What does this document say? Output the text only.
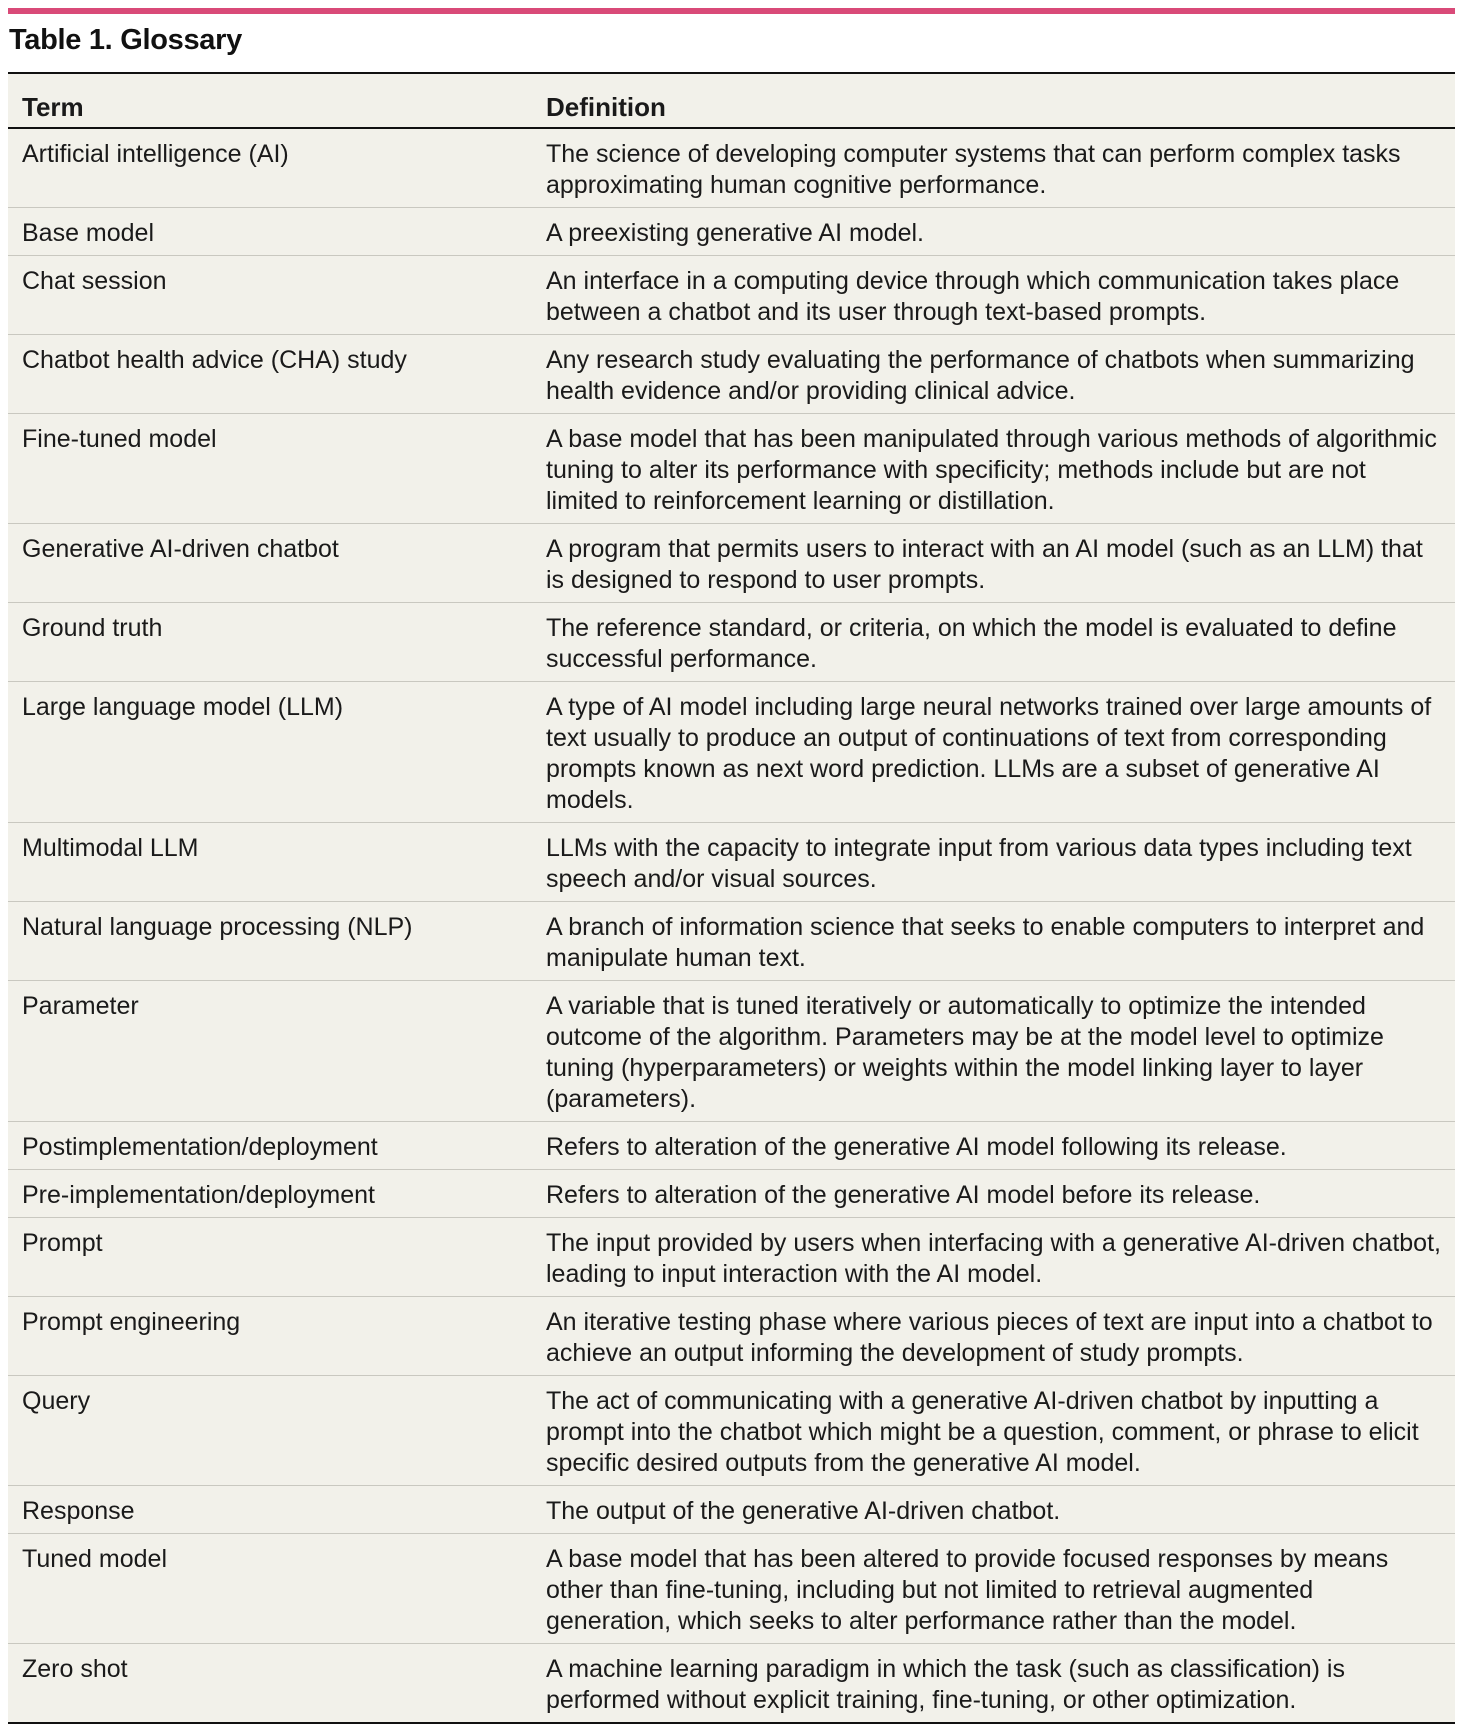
Table 1. Glossary
Term	Definition
Artificial intelligence (AI)	The science of developing computer systems that can perform complex tasks approximating human cognitive performance.
Base model	A preexisting generative AI model.
Chat session	An interface in a computing device through which communication takes place between a chatbot and its user through text-based prompts.
Chatbot health advice (CHA) study	Any research study evaluating the performance of chatbots when summarizing health evidence and/or providing clinical advice.
Fine-tuned model	A base model that has been manipulated through various methods of algorithmic tuning to alter its performance with specificity; methods include but are not limited to reinforcement learning or distillation.
Generative AI-driven chatbot	A program that permits users to interact with an AI model (such as an LLM) that is designed to respond to user prompts.
Ground truth	The reference standard, or criteria, on which the model is evaluated to define successful performance.
Large language model (LLM)	A type of AI model including large neural networks trained over large amounts of text usually to produce an output of continuations of text from corresponding prompts known as next word prediction. LLMs are a subset of generative AI models.
Multimodal LLM	LLMs with the capacity to integrate input from various data types including text speech and/or visual sources.
Natural language processing (NLP)	A branch of information science that seeks to enable computers to interpret and manipulate human text.
Parameter	A variable that is tuned iteratively or automatically to optimize the intended outcome of the algorithm. Parameters may be at the model level to optimize tuning (hyperparameters) or weights within the model linking layer to layer (parameters).
Postimplementation/deployment	Refers to alteration of the generative AI model following its release.
Pre-implementation/deployment	Refers to alteration of the generative AI model before its release.
Prompt	The input provided by users when interfacing with a generative AI-driven chatbot, leading to input interaction with the AI model.
Prompt engineering	An iterative testing phase where various pieces of text are input into a chatbot to achieve an output informing the development of study prompts.
Query	The act of communicating with a generative AI-driven chatbot by inputting a prompt into the chatbot which might be a question, comment, or phrase to elicit specific desired outputs from the generative AI model.
Response	The output of the generative AI-driven chatbot.
Tuned model	A base model that has been altered to provide focused responses by means other than fine-tuning, including but not limited to retrieval augmented generation, which seeks to alter performance rather than the model.
Zero shot	A machine learning paradigm in which the task (such as classification) is performed without explicit training, fine-tuning, or other optimization.
